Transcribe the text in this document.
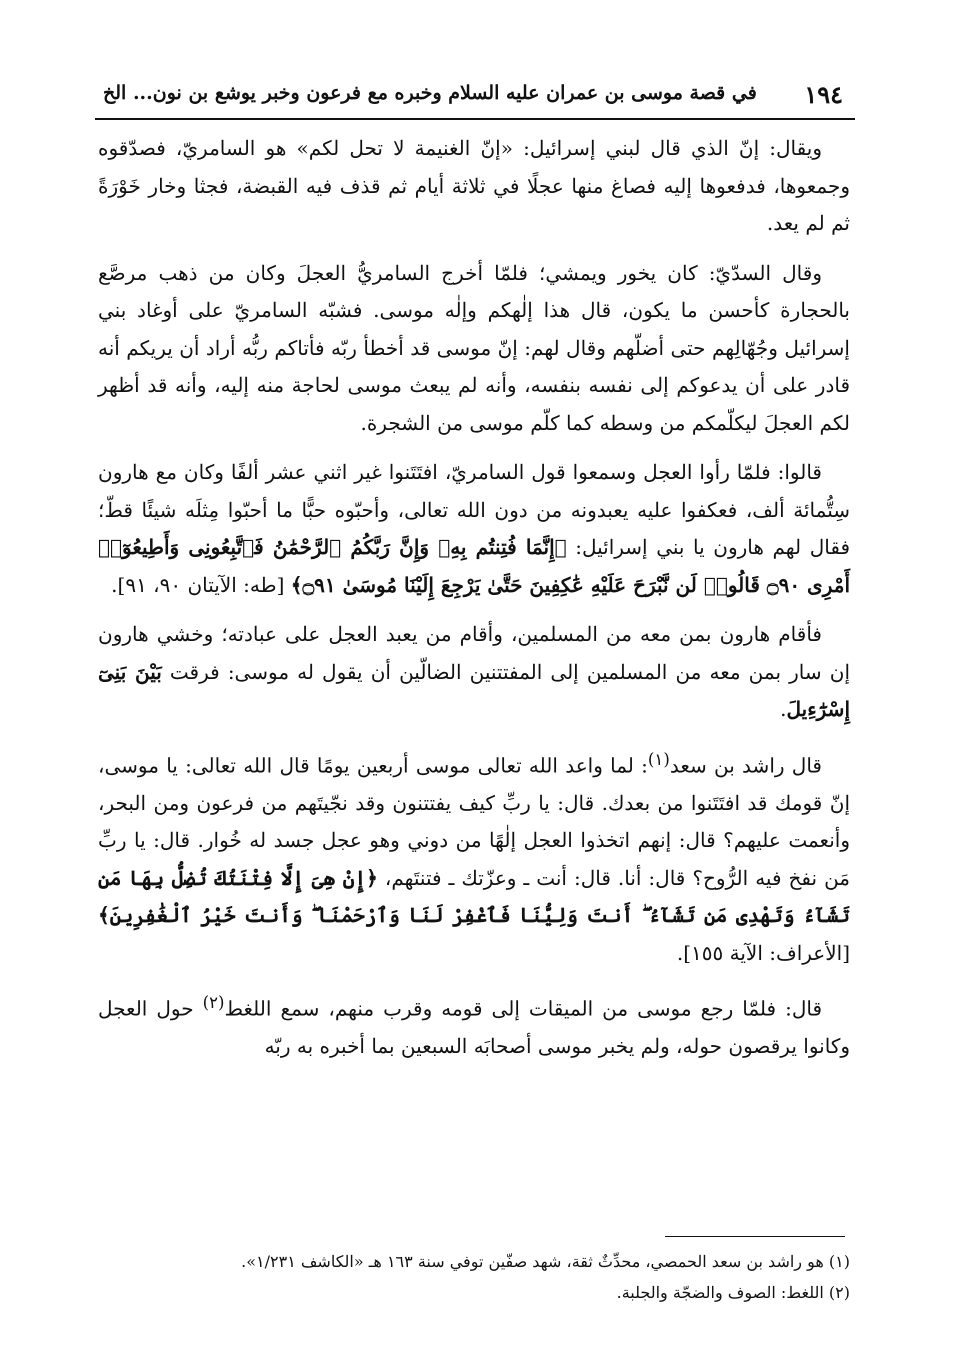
١٩٤
في قصة موسى بن عمران عليه السلام وخبره مع فرعون وخبر يوشع بن نون... الخ

ويقال: إنّ الذي قال لبني إسرائيل: «إنّ الغنيمة لا تحل لكم» هو السامريّ، فصدّقوه وجمعوها، فدفعوها إليه فصاغ منها عجلًا في ثلاثة أيام ثم قذف فيه القبضة، فجثا وخار خَوْرَةً ثم لم يعد.

وقال السدّيّ: كان يخور ويمشي؛ فلمّا أخرج السامريُّ العجلَ وكان من ذهب مرصَّع بالحجارة كأحسن ما يكون، قال هذا إلٰهكم وإلٰه موسى. فشبّه السامريّ على أوغاد بني إسرائيل وجُهّالِهم حتى أضلّهم وقال لهم: إنّ موسى قد أخطأ ربّه فأتاكم ربُّه أراد أن يريكم أنه قادر على أن يدعوكم إلى نفسه بنفسه، وأنه لم يبعث موسى لحاجة منه إليه، وأنه قد أظهر لكم العجلَ ليكلّمكم من وسطه كما كلّم موسى من الشجرة.

قالوا: فلمّا رأوا العجل وسمعوا قول السامريّ، افتَتَنوا غير اثني عشر ألفًا وكان مع هارون سِتُّمائة ألف، فعكفوا عليه يعبدونه من دون الله تعالى، وأحبّوه حبًّا ما أحبّوا مِثلَه شيئًا قطّ؛ فقال لهم هارون يا بني إسرائيل: ﴿إِنَّمَا فُتِنتُم بِهِۦ وَإِنَّ رَبَّكُمُ ٱلرَّحْمَٰنُ فَٱتَّبِعُونِى وَأَطِيعُوٓا۟ أَمْرِى ۝٩٠ قَالُوا۟ لَن نَّبْرَحَ عَلَيْهِ عَٰكِفِينَ حَتَّىٰ يَرْجِعَ إِلَيْنَا مُوسَىٰ ۝٩١﴾ [طه: الآيتان ٩٠، ٩١].

فأقام هارون بمن معه من المسلمين، وأقام من يعبد العجل على عبادته؛ وخشي هارون إن سار بمن معه من المسلمين إلى المفتتنين الضالّين أن يقول له موسى: فرقت بَيْنَ بَنِىٓ إِسْرَٰٓءِيلَ.

قال راشد بن سعد$^{(١)}$: لما واعد الله تعالى موسى أربعين يومًا قال الله تعالى: يا موسى، إنّ قومك قد افتَتَنوا من بعدك. قال: يا ربِّ كيف يفتتنون وقد نجّيتَهم من فرعون ومن البحر، وأنعمت عليهم؟ قال: إنهم اتخذوا العجل إلٰهًا من دوني وهو عجل جسد له خُوار. قال: يا ربِّ مَن نفخ فيه الرُّوح؟ قال: أنا. قال: أنت ـ وعزّتك ـ فتنتَهم، ﴿إِنْ هِىَ إِلَّا فِتْنَتُكَ تُضِلُّ بِهَا مَن تَشَآءُ وَتَهْدِى مَن تَشَآءُ ۖ أَنتَ وَلِيُّنَا فَٱغْفِرْ لَنَا وَٱرْحَمْنَا ۖ وَأَنتَ خَيْرُ ٱلْغَٰفِرِينَ﴾ [الأعراف: الآية ١٥٥].

قال: فلمّا رجع موسى من الميقات إلى قومه وقرب منهم، سمع اللغط$^{(٢)}$ حول العجل وكانوا يرقصون حوله، ولم يخبر موسى أصحابَه السبعين بما أخبره به ربّه

(١) هو راشد بن سعد الحمصي، محدِّثٌ ثقة، شهد صفّين توفي سنة ١٦٣ هـ «الكاشف ١/٢٣١».

(٢) اللغط: الصوف والضجّة والجلبة.
